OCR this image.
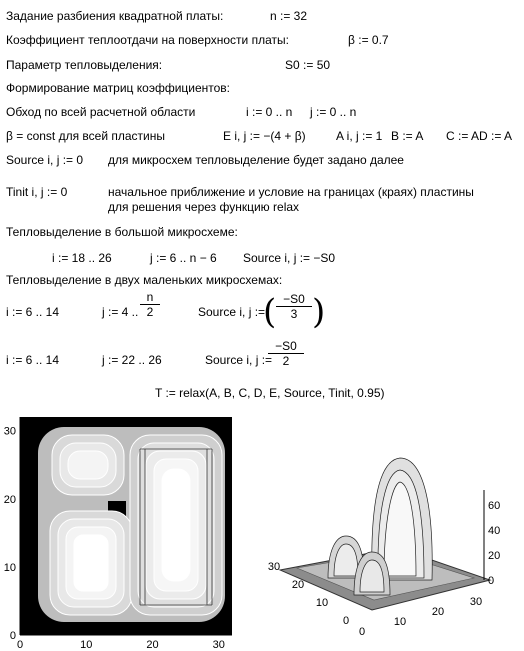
Задание разбиения квадратной платы:	n := 32
Коэффициент теплоотдачи на поверхности платы:	β := 0.7
Параметр тепловыделения:	S0 := 50
Формирование матриц коэффициентов:
Обход по всей расчетной области	i := 0 .. n j := 0 .. n
β = const для всей пластины	E i, j := −(4 + β)	A i, j := 1 B := A C := A D := A
Source i, j := 0 для микросхем тепловыделение будет задано далее
Tinit i, j := 0	начальное приближение и условие на границах (краях) пластины
для решения через функцию relax
Тепловыделение в большой микросхеме:
i := 18 .. 26	j := 6 .. n − 6 Source i, j := −S0
Тепловыделение в двух маленьких микросхемах:
i := 6 .. 14	j := 4 .. $\frac{n}{2}$	Source i, j :=
( $\frac{-S0}{3}$ )
i := 6 .. 14	j := 22 .. 26	Source i, j :=
$\frac{-S0}{2}$
T := relax(A, B, C, D, E, Source, Tinit, 0.95)
0	10	20	30
0
10
20
30
0
20
40
60
0
10
20
30
0
10
20
30
